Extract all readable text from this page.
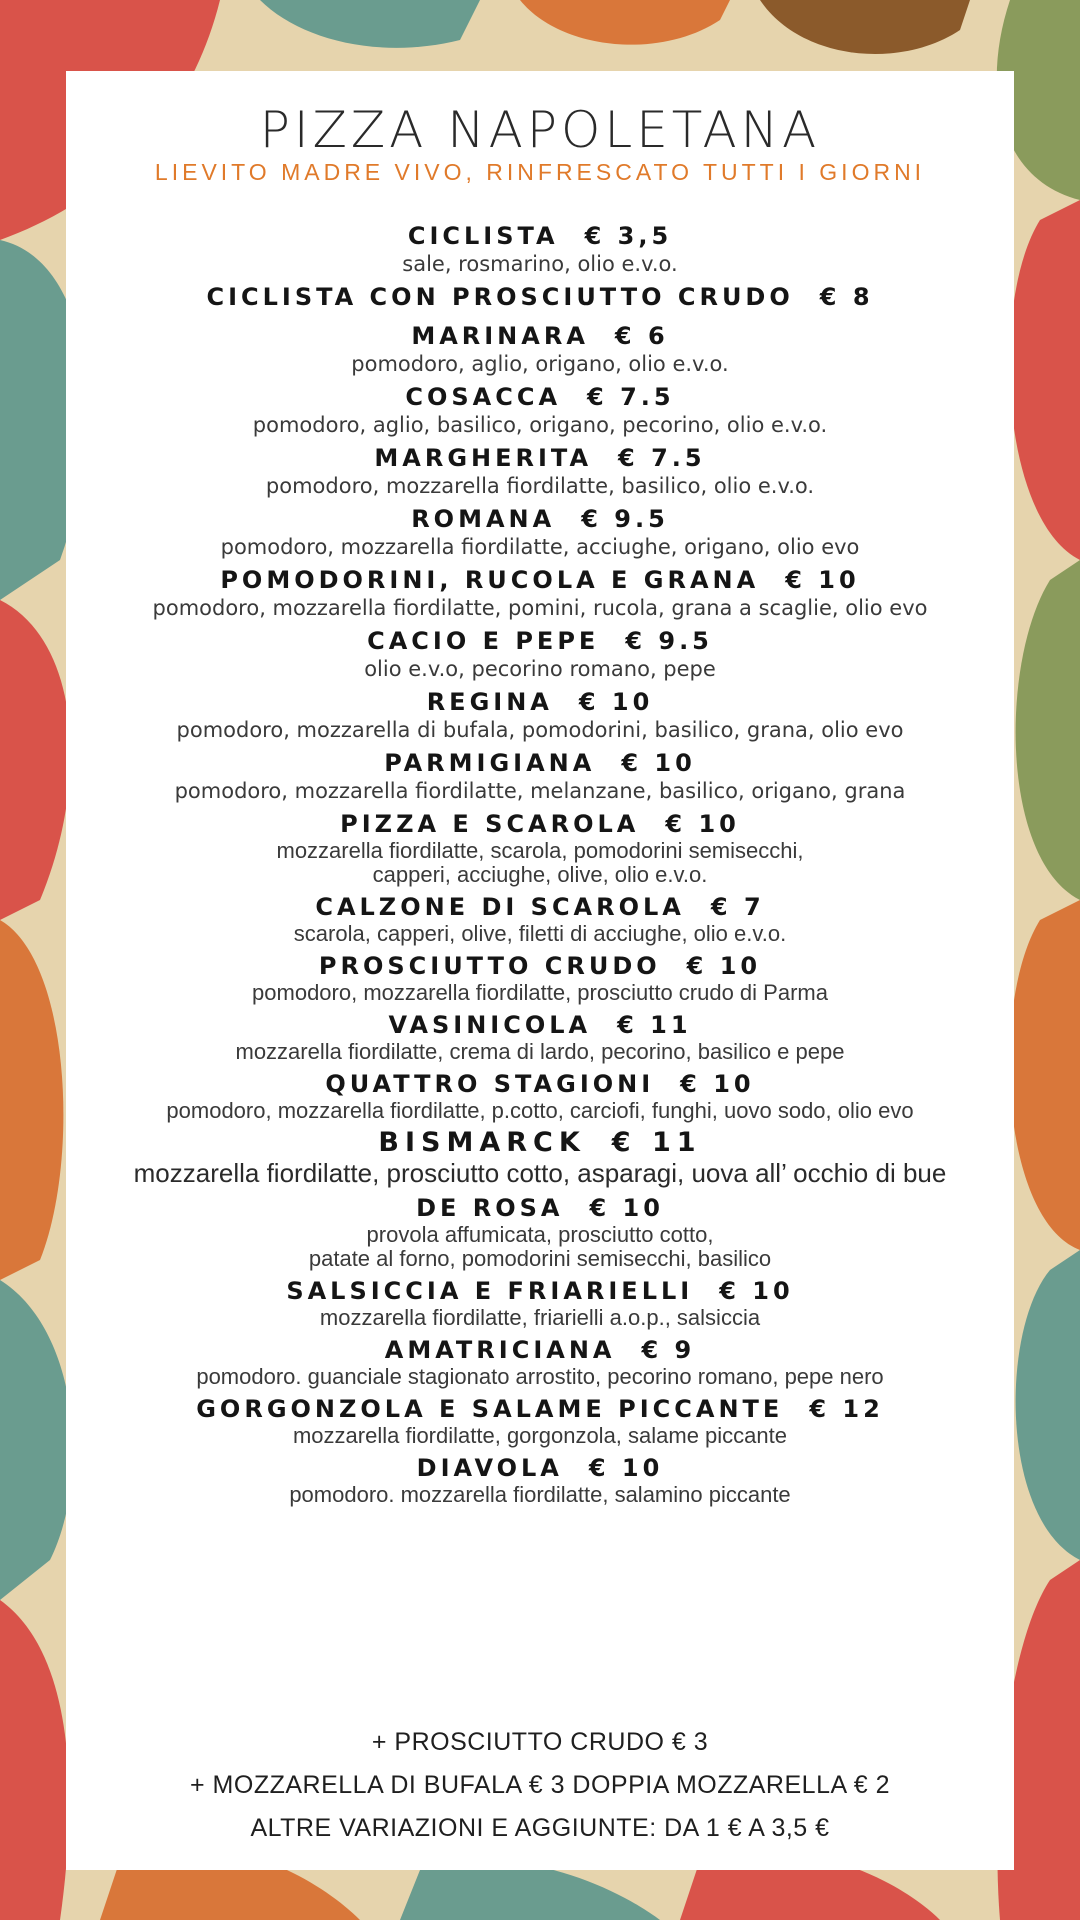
PIZZA NAPOLETANA
LIEVITO MADRE VIVO, RINFRESCATO TUTTI I GIORNI
CICLISTA € 3,5
sale, rosmarino, olio e.v.o.
CICLISTA CON PROSCIUTTO CRUDO € 8
MARINARA € 6
pomodoro, aglio, origano, olio e.v.o.
COSACCA € 7.5
pomodoro, aglio, basilico, origano, pecorino, olio e.v.o.
MARGHERITA € 7.5
pomodoro, mozzarella fiordilatte, basilico, olio e.v.o.
ROMANA € 9.5
pomodoro, mozzarella fiordilatte, acciughe, origano, olio evo
POMODORINI, RUCOLA E GRANA € 10
pomodoro, mozzarella fiordilatte, pomini, rucola, grana a scaglie, olio evo
CACIO E PEPE € 9.5
olio e.v.o, pecorino romano, pepe
REGINA € 10
pomodoro, mozzarella di bufala, pomodorini, basilico, grana, olio evo
PARMIGIANA € 10
pomodoro, mozzarella fiordilatte, melanzane, basilico, origano, grana
PIZZA E SCAROLA € 10
mozzarella fiordilatte, scarola, pomodorini semisecchi,
capperi, acciughe, olive, olio e.v.o.
CALZONE DI SCAROLA € 7
scarola, capperi, olive, filetti di acciughe, olio e.v.o.
PROSCIUTTO CRUDO € 10
pomodoro, mozzarella fiordilatte, prosciutto crudo di Parma
VASINICOLA € 11
mozzarella fiordilatte, crema di lardo, pecorino, basilico e pepe
QUATTRO STAGIONI € 10
pomodoro, mozzarella fiordilatte, p.cotto, carciofi, funghi, uovo sodo, olio evo
BISMARCK € 11
mozzarella fiordilatte, prosciutto cotto, asparagi, uova all’ occhio di bue
DE ROSA € 10
provola affumicata, prosciutto cotto,
patate al forno, pomodorini semisecchi, basilico
SALSICCIA E FRIARIELLI € 10
mozzarella fiordilatte, friarielli a.o.p., salsiccia
AMATRICIANA € 9
pomodoro. guanciale stagionato arrostito, pecorino romano, pepe nero
GORGONZOLA E SALAME PICCANTE € 12
mozzarella fiordilatte, gorgonzola, salame piccante
DIAVOLA € 10
pomodoro. mozzarella fiordilatte, salamino piccante
+ PROSCIUTTO CRUDO € 3
+ MOZZARELLA DI BUFALA € 3 DOPPIA MOZZARELLA € 2
ALTRE VARIAZIONI E AGGIUNTE: DA 1 € A 3,5 €
